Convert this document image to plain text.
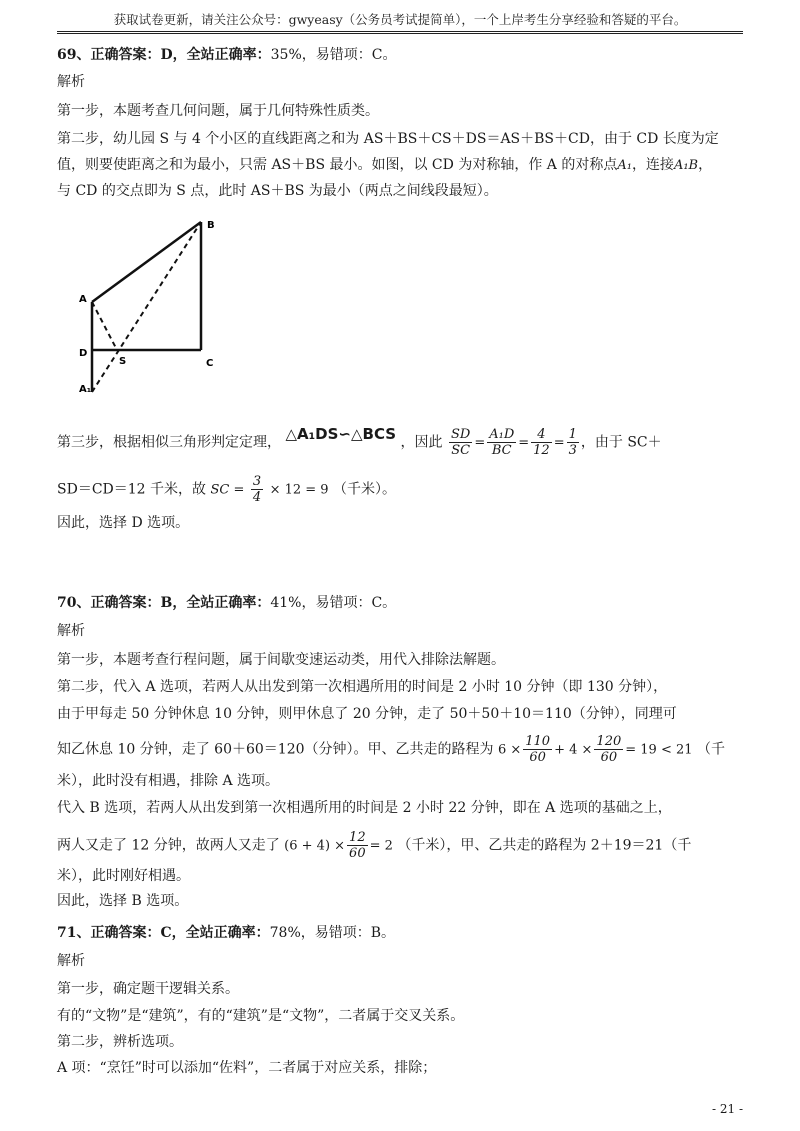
获取试卷更新，请关注公众号：gwyeasy（公务员考试提简单），一个上岸考生分享经验和答疑的平台。
69、正确答案：D，全站正确率：35%，易错项：C。
解析
第一步，本题考查几何问题，属于几何特殊性质类。
第二步，幼儿园 S 与 4 个小区的直线距离之和为 AS＋BS＋CS＋DS＝AS＋BS＋CD，由于 CD 长度为定
值，则要使距离之和为最小，只需 AS＋BS 最小。如图，以 CD 为对称轴，作 A 的对称点A₁，连接A₁B，
与 CD 的交点即为 S 点，此时 AS＋BS 为最小（两点之间线段最短）。
B
A
D
S	C
A₁
第三步，根据相似三角形判定定理， △A₁DS∽△BCS ，因此 $\frac{SD}{SC} = \frac{\text{A₁D}}{BC} = \frac{4}{12} = \frac{1}{3}$ ，由于 SC＋
SD＝CD＝12 千米，故 SC = $\frac{3}{4} \times 12 = 9$ （千米）。
因此，选择 D 选项。
70、正确答案：B，全站正确率：41%，易错项：C。
解析
第一步，本题考查行程问题，属于间歇变速运动类，用代入排除法解题。
第二步，代入 A 选项，若两人从出发到第一次相遇所用的时间是 2 小时 10 分钟（即 130 分钟），
由于甲每走 50 分钟休息 10 分钟，则甲休息了 20 分钟，走了 50＋50＋10＝110（分钟），同理可
知乙休息 10 分钟，走了 60＋60＝120（分钟）。甲、乙共走的路程为 $6 \times \frac{110}{60} + 4 \times \frac{120}{60} = 19 < 21$ （千
米），此时没有相遇，排除 A 选项。
代入 B 选项，若两人从出发到第一次相遇所用的时间是 2 小时 22 分钟，即在 A 选项的基础之上，
两人又走了 12 分钟，故两人又走了 $(6 + 4) \times \frac{12}{60} = 2$ （千米），甲、乙共走的路程为 2＋19＝21（千
米），此时刚好相遇。
因此，选择 B 选项。
71、正确答案：C，全站正确率：78%，易错项：B。
解析
第一步，确定题干逻辑关系。
有的“文物”是“建筑”，有的“建筑”是“文物”，二者属于交叉关系。
第二步，辨析选项。
A 项：“烹饪”时可以添加“佐料”，二者属于对应关系，排除；
- 21 -
